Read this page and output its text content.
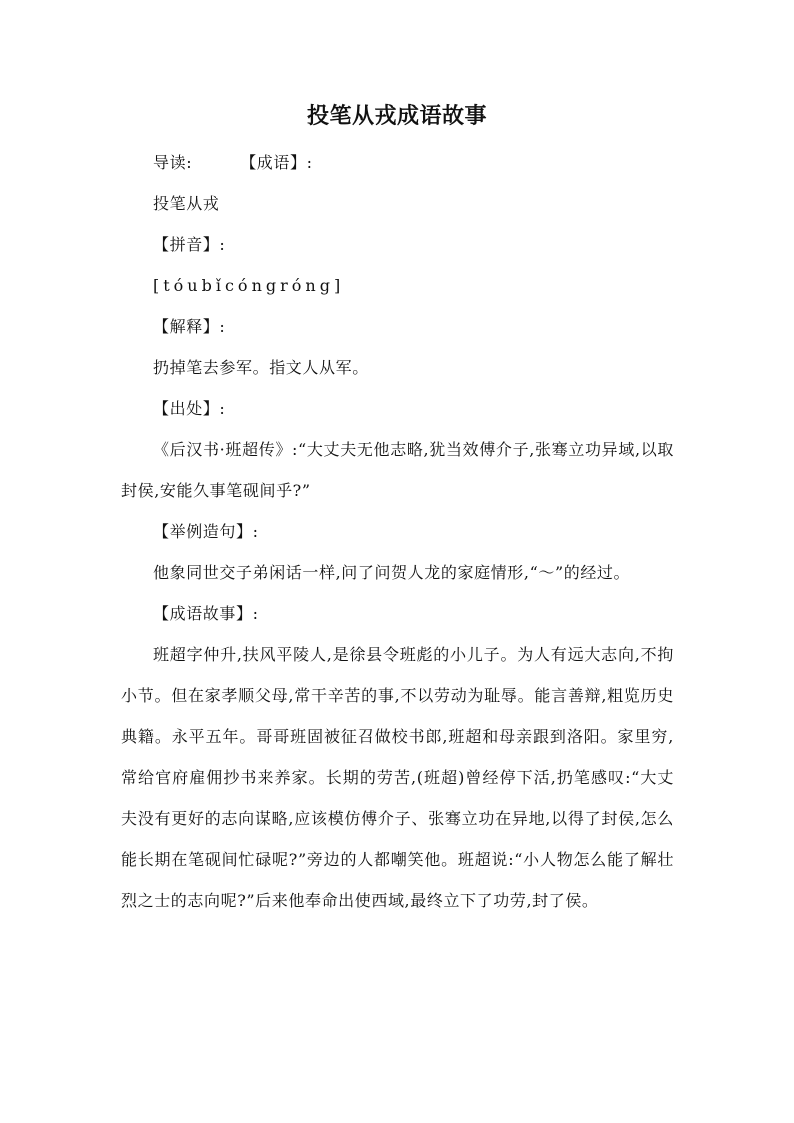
投笔从戎成语故事

导读:	【成语】:

投笔从戎

【拼音】:

[tóubǐcóngróng]

【解释】:

扔掉笔去参军。指文人从军。

【出处】:

《后汉书·班超传》:“大丈夫无他志略,犹当效傅介子,张骞立功异域,以取封侯,安能久事笔砚间乎?”

【举例造句】:

他象同世交子弟闲话一样,问了问贺人龙的家庭情形,“～”的经过。

【成语故事】:

班超字仲升,扶风平陵人,是徐县令班彪的小儿子。为人有远大志向,不拘小节。但在家孝顺父母,常干辛苦的事,不以劳动为耻辱。能言善辩,粗览历史典籍。永平五年。哥哥班固被征召做校书郎,班超和母亲跟到洛阳。家里穷,常给官府雇佣抄书来养家。长期的劳苦,(班超)曾经停下活,扔笔感叹:“大丈夫没有更好的志向谋略,应该模仿傅介子、张骞立功在异地,以得了封侯,怎么能长期在笔砚间忙碌呢?”旁边的人都嘲笑他。班超说:“小人物怎么能了解壮烈之士的志向呢?”后来他奉命出使西域,最终立下了功劳,封了侯。
